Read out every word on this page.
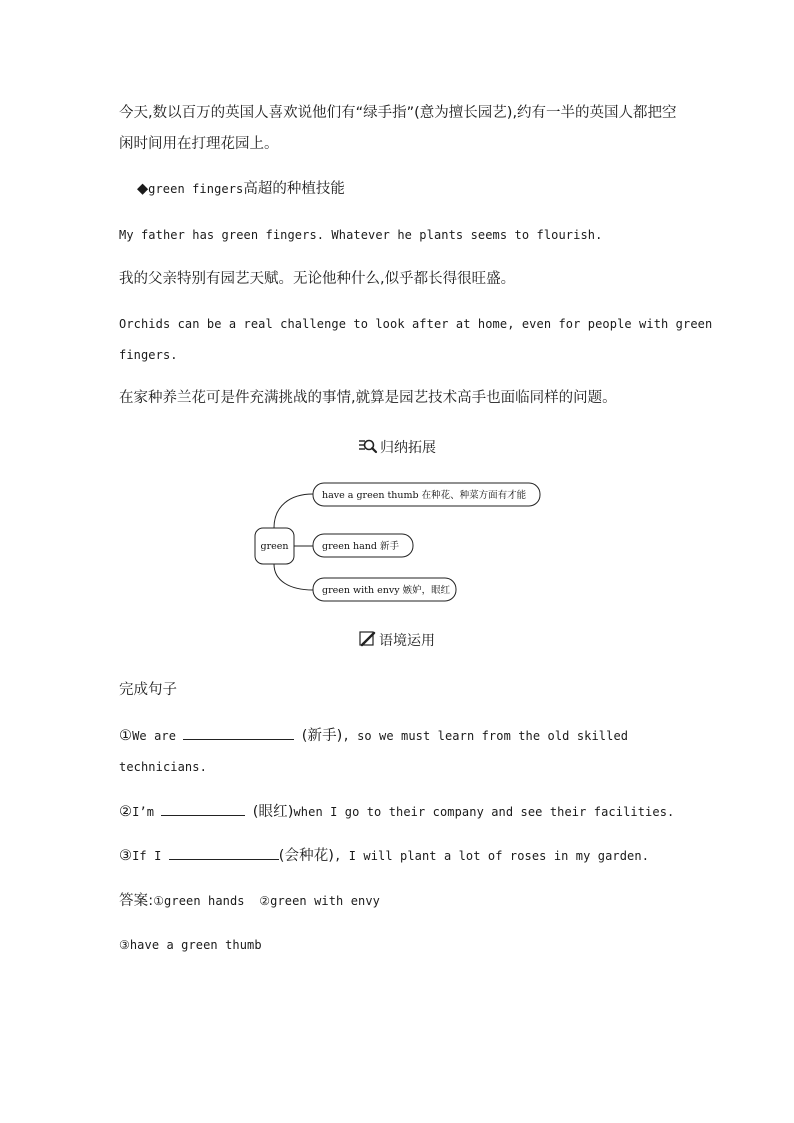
今天,数以百万的英国人喜欢说他们有“绿手指”(意为擅长园艺),约有一半的英国人都把空
闲时间用在打理花园上。
◆green fingers高超的种植技能
My father has green fingers. Whatever he plants seems to flourish.
我的父亲特别有园艺天赋。无论他种什么,似乎都长得很旺盛。
Orchids can be a real challenge to look after at home, even for people with green
fingers.
在家种养兰花可是件充满挑战的事情,就算是园艺技术高手也面临同样的问题。
归纳拓展
green
have a green thumb 在种花、种菜方面有才能
green hand 新手
green with envy 嫉妒，眼红
语境运用
完成句子
①We are	(新手), so we must learn from the old skilled
technicians.
②I’m	(眼红)when I go to their company and see their facilities.
③If I	(会种花), I will plant a lot of roses in my garden.
答案:①green hands  ②green with envy
③have a green thumb
